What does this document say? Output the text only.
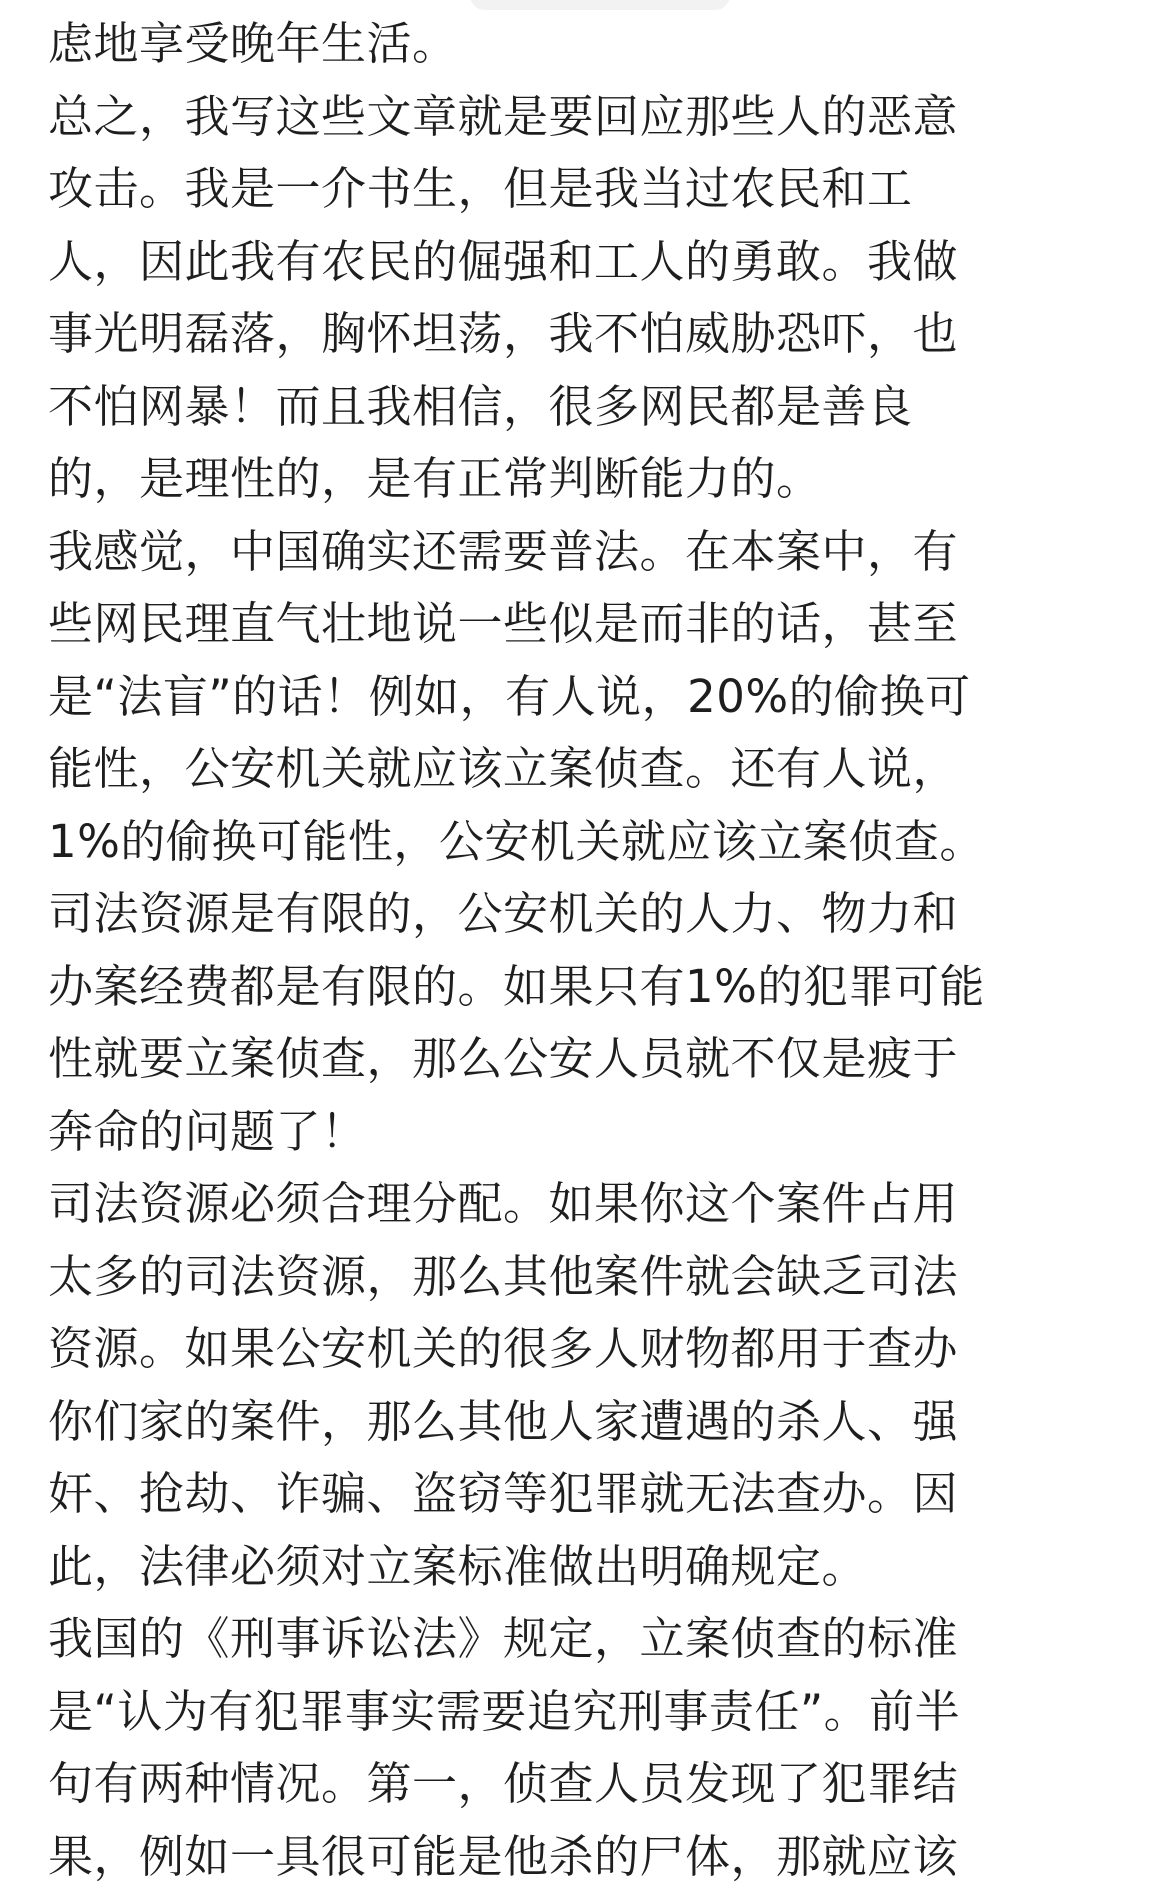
虑地享受晚年生活。
总之，我写这些文章就是要回应那些人的恶意
攻击。我是一介书生，但是我当过农民和工
人，因此我有农民的倔强和工人的勇敢。我做
事光明磊落，胸怀坦荡，我不怕威胁恐吓，也
不怕网暴！而且我相信，很多网民都是善良
的，是理性的，是有正常判断能力的。
我感觉，中国确实还需要普法。在本案中，有
些网民理直气壮地说一些似是而非的话，甚至
是“法盲”的话！例如，有人说，20%的偷换可
能性，公安机关就应该立案侦查。还有人说，
1%的偷换可能性，公安机关就应该立案侦查。
司法资源是有限的，公安机关的人力、物力和
办案经费都是有限的。如果只有1%的犯罪可能
性就要立案侦查，那么公安人员就不仅是疲于
奔命的问题了！
司法资源必须合理分配。如果你这个案件占用
太多的司法资源，那么其他案件就会缺乏司法
资源。如果公安机关的很多人财物都用于查办
你们家的案件，那么其他人家遭遇的杀人、强
奸、抢劫、诈骗、盗窃等犯罪就无法查办。因
此，法律必须对立案标准做出明确规定。
我国的《刑事诉讼法》规定，立案侦查的标准
是“认为有犯罪事实需要追究刑事责任”。前半
句有两种情况。第一，侦查人员发现了犯罪结
果，例如一具很可能是他杀的尸体，那就应该
